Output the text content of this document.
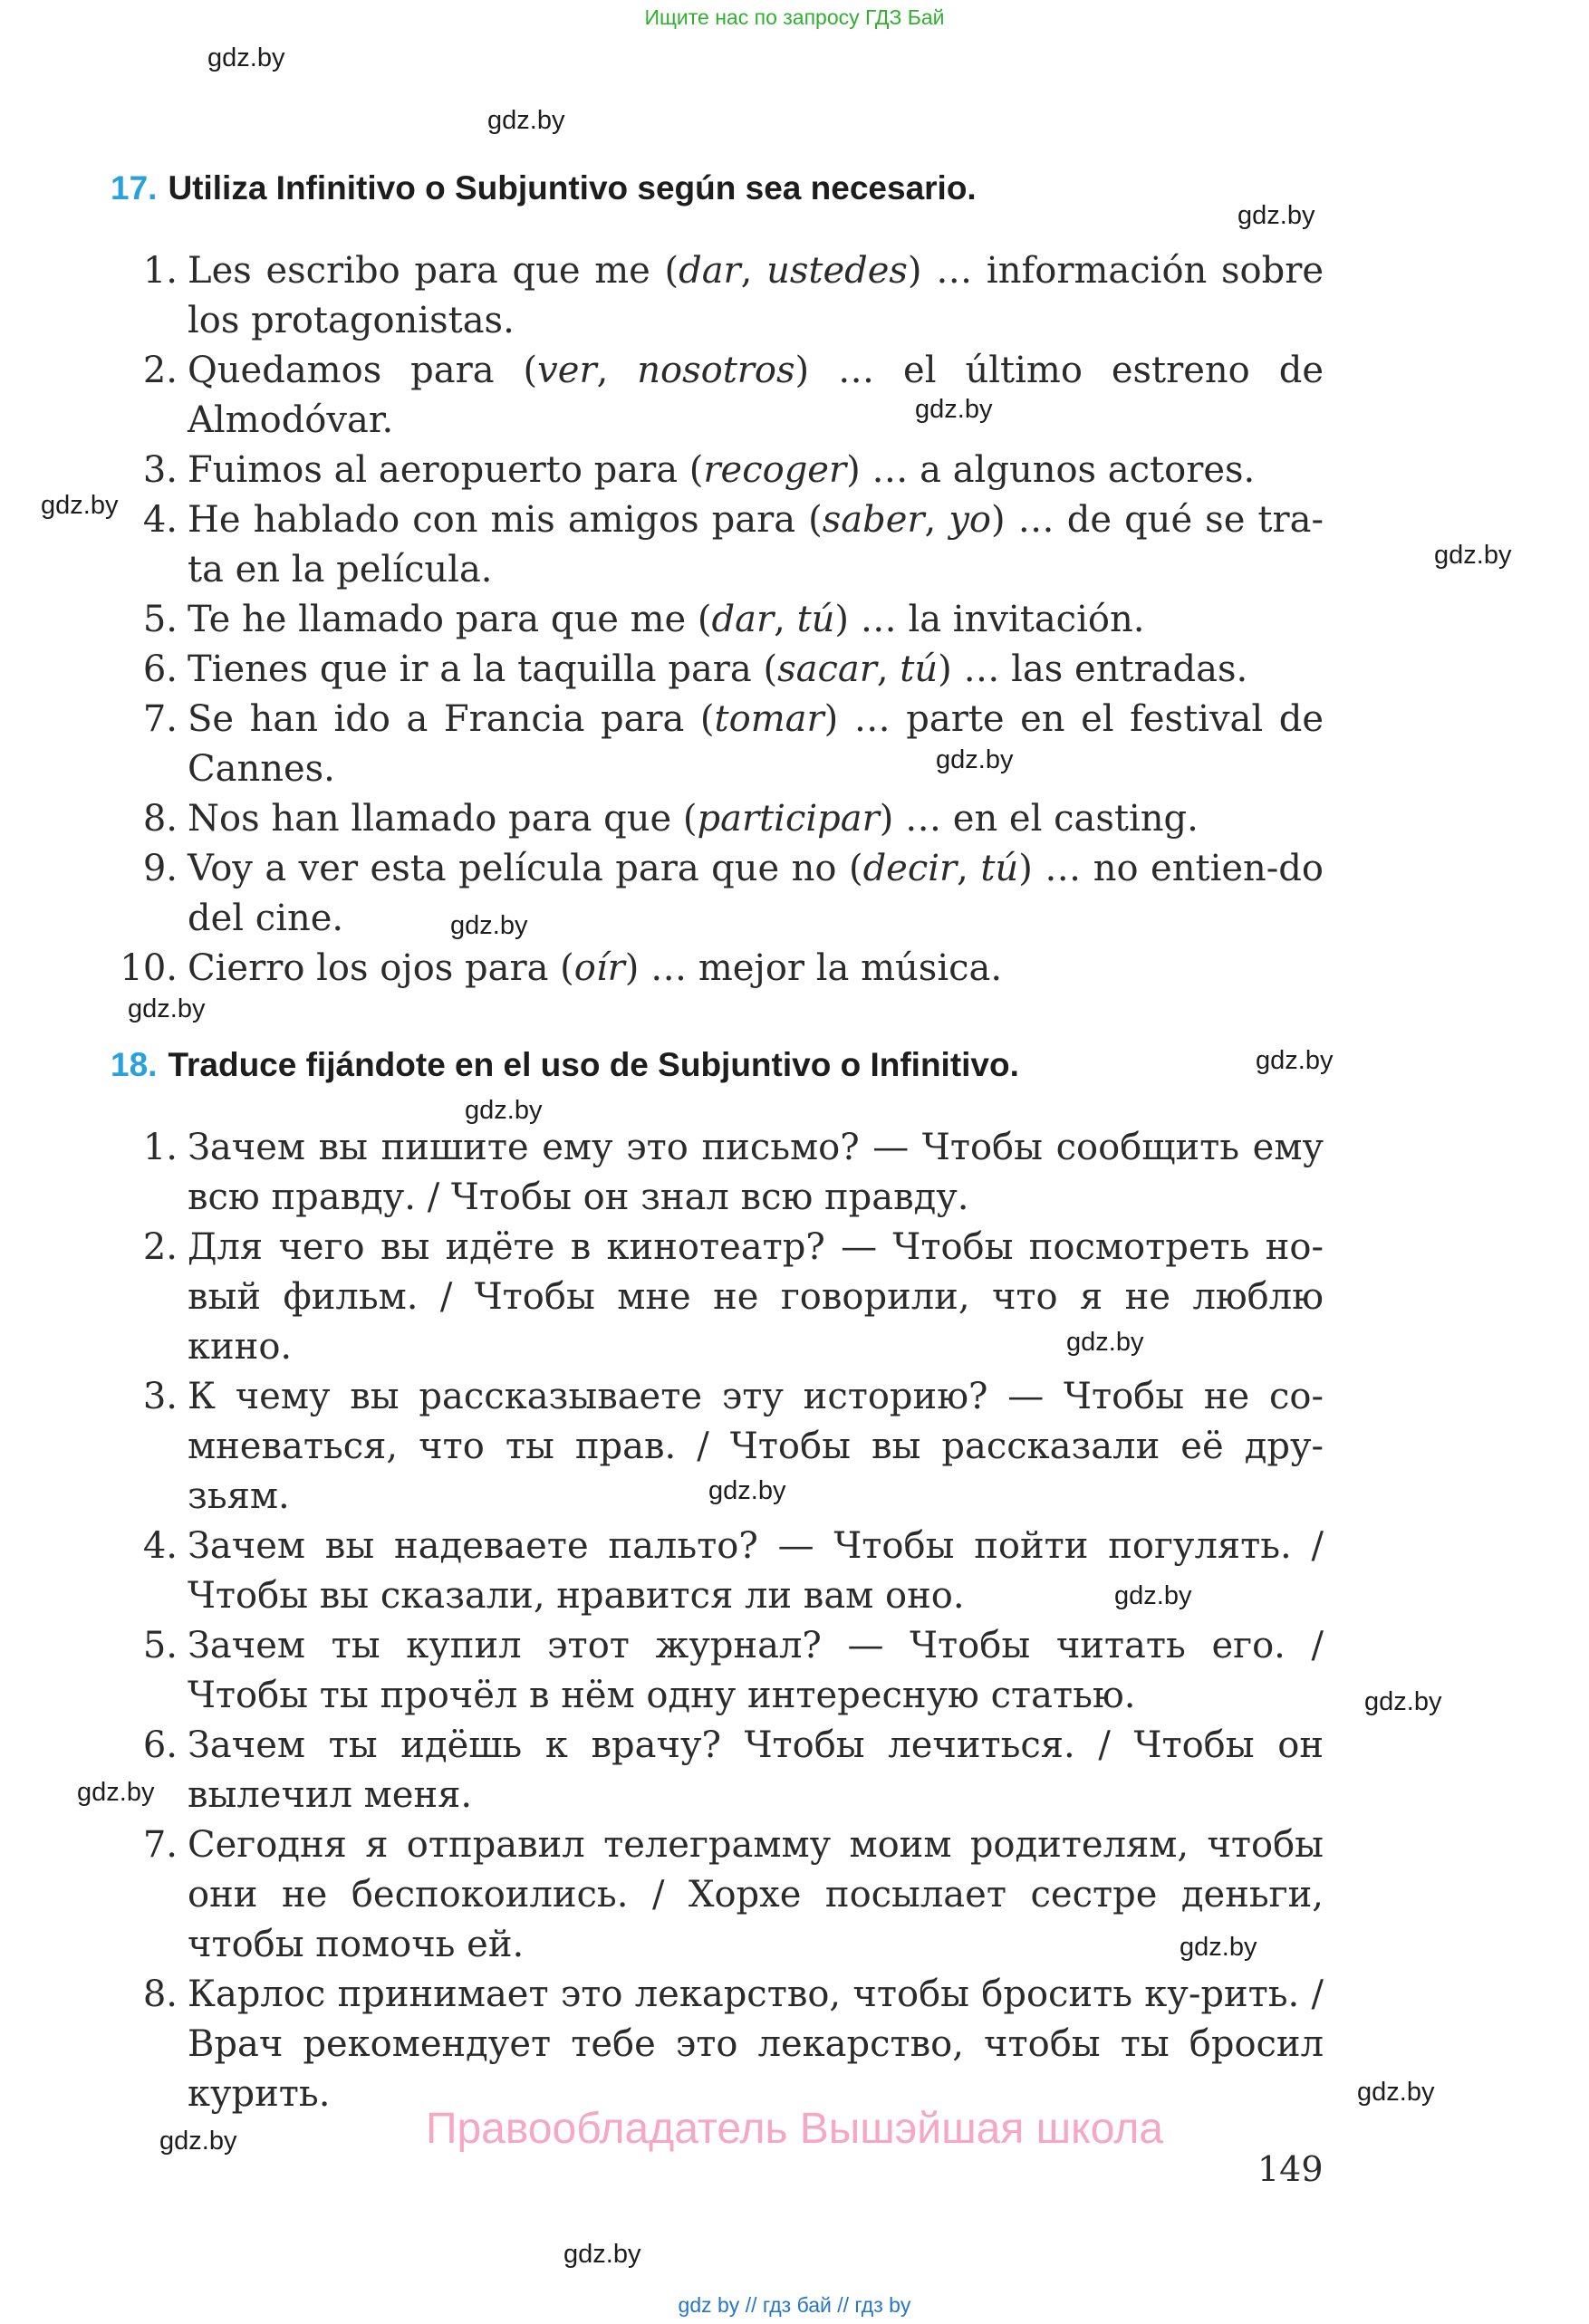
Ищите нас по запросу ГДЗ Бай
gdz.by
gdz.by
gdz.by
gdz.by
gdz.by
gdz.by
gdz.by
gdz.by
gdz.by
gdz.by
gdz.by
gdz.by
gdz.by
gdz.by
gdz.by
gdz.by
gdz.by
gdz.by
gdz.by
gdz.by
17. Utiliza Infinitivo o Subjuntivo según sea necesario.
1. Les escribo para que me (dar, ustedes) … información sobre los protagonistas.
2. Quedamos para (ver, nosotros) … el último estreno de Almodóvar.
3. Fuimos al aeropuerto para (recoger) … a algunos actores.
4. He hablado con mis amigos para (saber, yo) … de qué se tra-ta en la película.
5. Te he llamado para que me (dar, tú) … la invitación.
6. Tienes que ir a la taquilla para (sacar, tú) … las entradas.
7. Se han ido a Francia para (tomar) … parte en el festival de Cannes.
8. Nos han llamado para que (participar) … en el casting.
9. Voy a ver esta película para que no (decir, tú) … no entien-do del cine.
10. Cierro los ojos para (oír) … mejor la música.
18. Traduce fijándote en el uso de Subjuntivo o Infinitivo.
1. Зачем вы пишите ему это письмо? — Чтобы сообщить ему всю правду. / Чтобы он знал всю правду.
2. Для чего вы идёте в кинотеатр? — Чтобы посмотреть но-вый фильм. / Чтобы мне не говорили, что я не люблю кино.
3. К чему вы рассказываете эту историю? — Чтобы не со-мневаться, что ты прав. / Чтобы вы рассказали её дру-зьям.
4. Зачем вы надеваете пальто? — Чтобы пойти погулять. / Чтобы вы сказали, нравится ли вам оно.
5. Зачем ты купил этот журнал? — Чтобы читать его. / Чтобы ты прочёл в нём одну интересную статью.
6. Зачем ты идёшь к врачу? Чтобы лечиться. / Чтобы он вылечил меня.
7. Сегодня я отправил телеграмму моим родителям, чтобы они не беспокоились. / Хорхе посылает сестре деньги, чтобы помочь ей.
8. Карлос принимает это лекарство, чтобы бросить ку-рить. / Врач рекомендует тебе это лекарство, чтобы ты бросил курить.
Правообладатель Вышэйшая школа
149
gdz by // гдз бай // гдз by
